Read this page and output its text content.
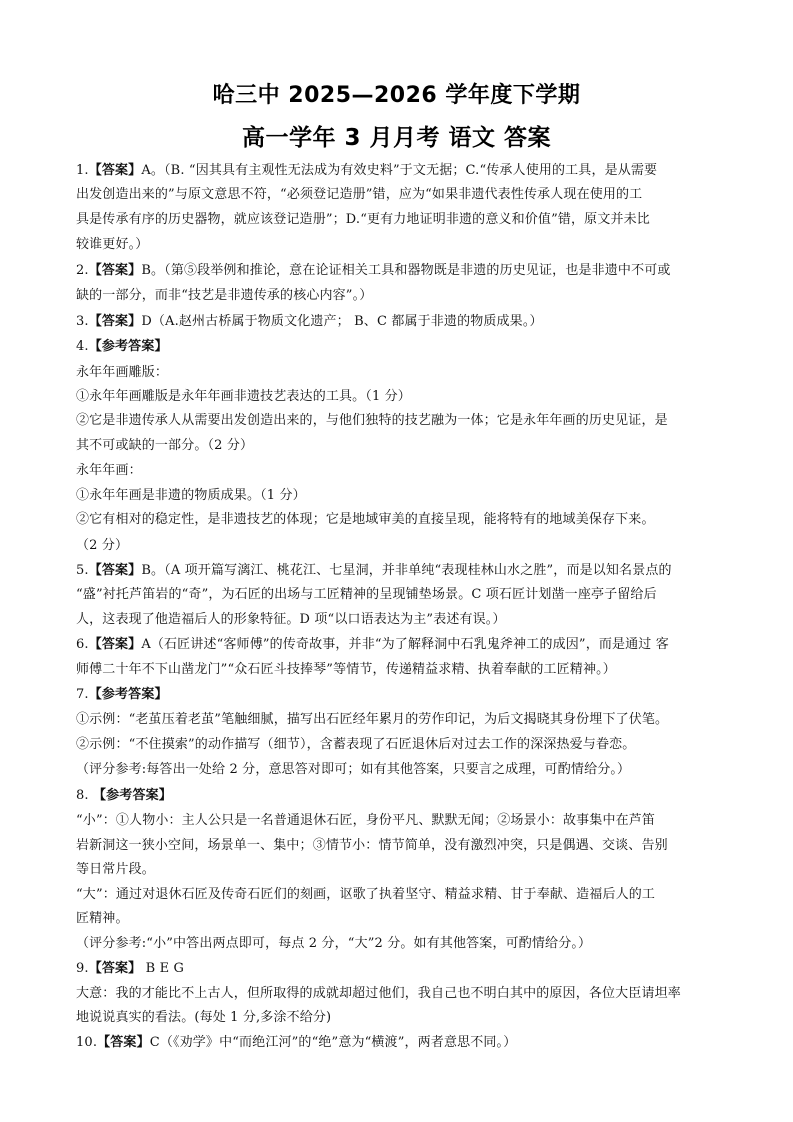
哈三中 2025—2026 学年度下学期
高一学年 3 月月考 语文 答案
1.【答案】A。（B. “因其具有主观性无法成为有效史料”于文无据；C.“传承人使用的工具，是从需要
出发创造出来的”与原文意思不符，“必须登记造册”错，应为“如果非遗代表性传承人现在使用的工
具是传承有序的历史器物，就应该登记造册”；D.“更有力地证明非遗的意义和价值”错，原文并未比
较谁更好。）
2.【答案】B。（第⑤段举例和推论，意在论证相关工具和器物既是非遗的历史见证，也是非遗中不可或
缺的一部分，而非“技艺是非遗传承的核心内容”。）
3.【答案】D（A.赵州古桥属于物质文化遗产； B、C 都属于非遗的物质成果。）
4.【参考答案】
永年年画雕版：
①永年年画雕版是永年年画非遗技艺表达的工具。（1 分）
②它是非遗传承人从需要出发创造出来的，与他们独特的技艺融为一体；它是永年年画的历史见证，是
其不可或缺的一部分。（2 分）
永年年画：
①永年年画是非遗的物质成果。（1 分）
②它有相对的稳定性，是非遗技艺的体现；它是地域审美的直接呈现，能将特有的地域美保存下来。
（2 分）
5.【答案】B。（A 项开篇写漓江、桃花江、七星洞，并非单纯“表现桂林山水之胜”，而是以知名景点的
“盛”衬托芦笛岩的“奇”，为石匠的出场与工匠精神的呈现铺垫场景。C 项石匠计划凿一座亭子留给后
人，这表现了他造福后人的形象特征。D 项“以口语表达为主”表述有误。）
6.【答案】A（石匠讲述“客师傅”的传奇故事，并非“为了解释洞中石乳鬼斧神工的成因”，而是通过 客
师傅二十年不下山凿龙门”“众石匠斗技捧琴”等情节，传递精益求精、执着奉献的工匠精神。）
7.【参考答案】
①示例：“老茧压着老茧”笔触细腻，描写出石匠经年累月的劳作印记，为后文揭晓其身份埋下了伏笔。
②示例：“不住摸索”的动作描写（细节），含蓄表现了石匠退休后对过去工作的深深热爱与眷恋。
（评分参考:每答出一处给 2 分，意思答对即可；如有其他答案，只要言之成理，可酌情给分。）
8. 【参考答案】
“小”：①人物小：主人公只是一名普通退休石匠，身份平凡、默默无闻；②场景小：故事集中在芦笛
岩新洞这一狭小空间，场景单一、集中；③情节小：情节简单，没有激烈冲突，只是偶遇、交谈、告别
等日常片段。
“大”：通过对退休石匠及传奇石匠们的刻画，讴歌了执着坚守、精益求精、甘于奉献、造福后人的工
匠精神。
（评分参考:“小”中答出两点即可，每点 2 分，“大”2 分。如有其他答案，可酌情给分。）
9.【答案】 B E G
大意：我的才能比不上古人，但所取得的成就却超过他们，我自己也不明白其中的原因，各位大臣请坦率
地说说真实的看法。(每处 1 分,多涂不给分)
10.【答案】C（《劝学》中“而绝江河”的“绝”意为“横渡”，两者意思不同。）
